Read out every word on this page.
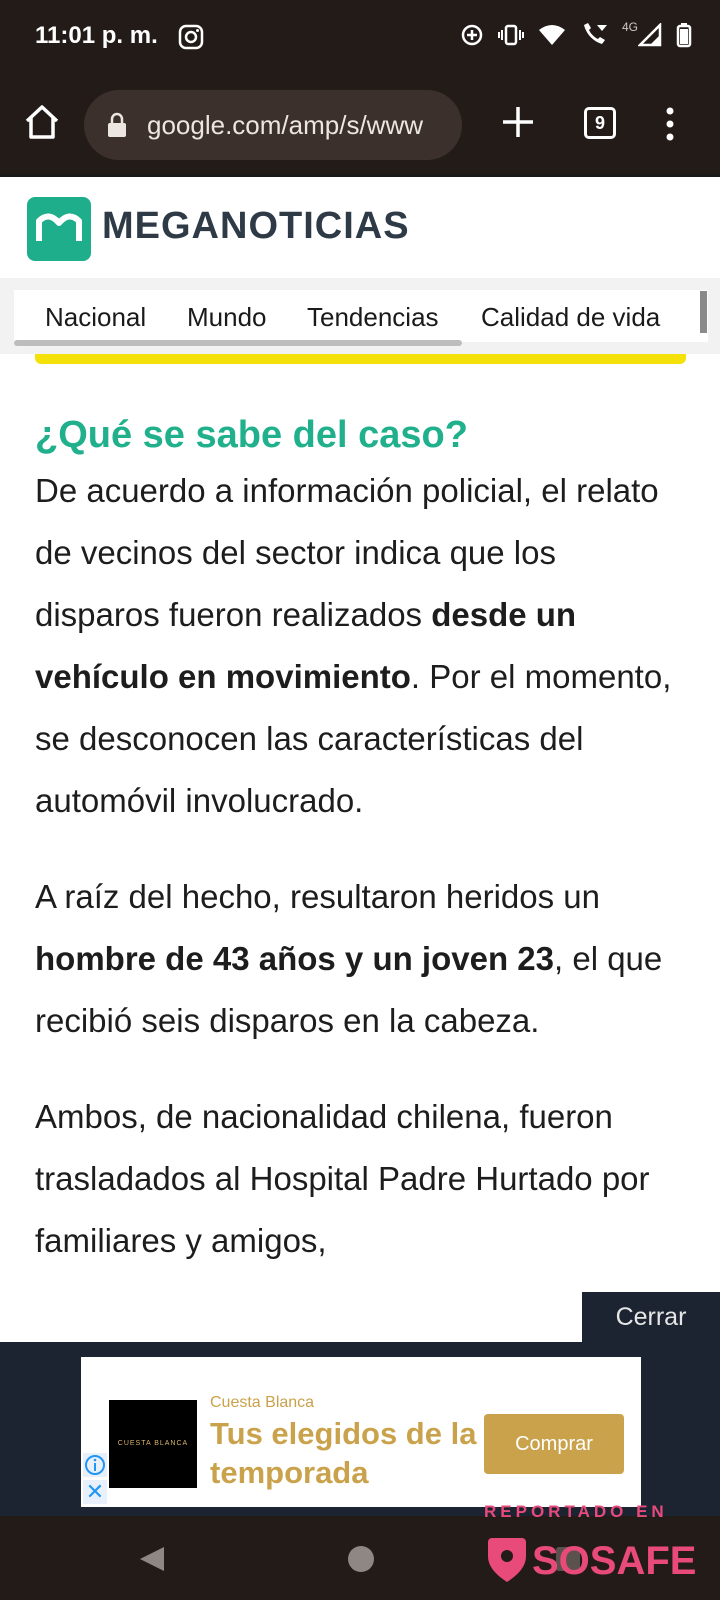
11:01 p. m.	4G
google.com/amp/s/www	9
MEGANOTICIAS
Nacional Mundo Tendencias Calidad de vida
¿Qué se sabe del caso?

De acuerdo a información policial, el relato de vecinos del sector indica que los disparos fueron realizados desde un vehículo en movimiento. Por el momento, se desconocen las características del automóvil involucrado.

A raíz del hecho, resultaron heridos un hombre de 43 años y un joven 23, el que recibió seis disparos en la cabeza.

Ambos, de nacionalidad chilena, fueron trasladados al Hospital Padre Hurtado por familiares y amigos,

Cerrar
CUESTA BLANCA
Cuesta Blanca
Tus elegidos de la temporada
Comprar
✕
REPORTADO EN
SOSAFE
